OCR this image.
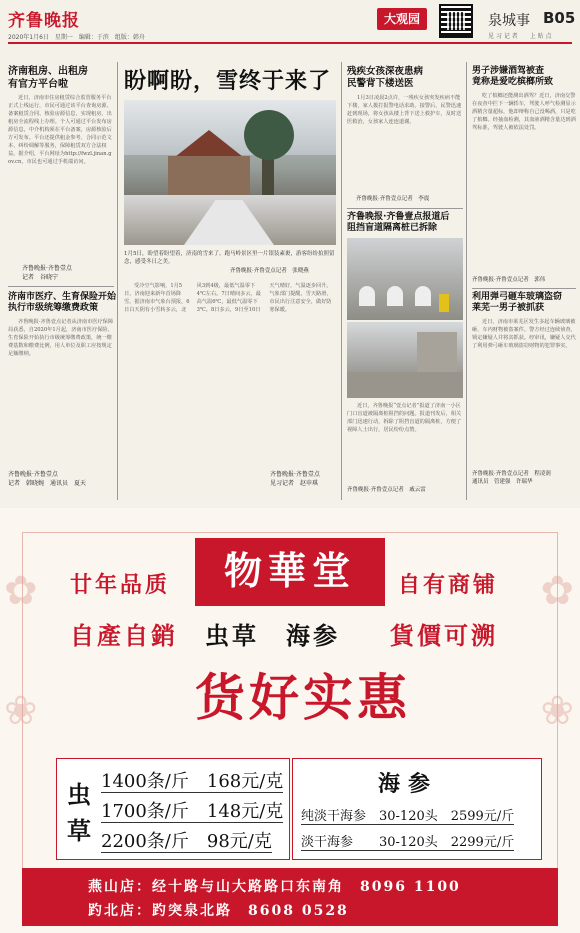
齐鲁晚报
2020年1月6日　星期一　编辑：于滨　组版：韩舟
大观园	泉城事 B05
见 习 记 者　　上 贴 点
济南租房、出租房
有官方平台啦
近日，济南市住房租赁综合监管服务平台正式上线运行，市民可通过该平台查询房源、备案租赁合同、核验房源信息，实现租房、出租房全流程线上办理。个人可通过平台发布房源信息，中介机构须在平台备案，房源核验后方可发布。平台还提供租金参考、合同示范文本、纠纷调解等服务，保障租赁双方合法权益。据介绍，平台网址为http://fwzl.jinan.gov.cn，市民也可通过手机端访问。
齐鲁晚报·齐鲁壹点
记者　谷晓宁
济南市医疗、生育保险开始
执行市级统筹缴费政策
齐鲁晚报·齐鲁壹点记者从济南市医疗保障局获悉，自2020年1月起，济南市医疗保险、生育保险开始执行市级统筹缴费政策，统一缴费基数和缴费比例，用人单位及职工应按规定足额缴纳。
齐鲁晚报·齐鲁壹点
记者　韩晓婉　通讯员　夏天
盼啊盼，雪终于来了
1月5日，盼望着盼望着，济南的雪来了。跑马岭景区里一片银装素裹，游客纷纷拍照留念，感受冬日之美。
齐鲁晚报·齐鲁壹点记者　张晓燕
受冷空气影响，1月5日，济南迎来新年首场降雪。据济南市气象台预报，6日白天阴有小雪转多云，北风3到4级，最低气温零下4℃左右。7日晴间多云，最高气温6℃，最低气温零下3℃。8日多云，9日至10日天气晴好，气温逐步回升。气象部门提醒，雪天路滑，市民出行注意安全，做好防寒保暖。
齐鲁晚报·齐鲁壹点
见习记者　赵申琪
残疾女孩深夜患病
民警背下楼送医
1月3日凌晨2点许，一残疾女孩突发疾病不能下楼，家人拨打报警电话求助。接警后，民警迅速赶到现场，将女孩从楼上背下送上救护车，及时送医救治，女孩家人连连道谢。
齐鲁晚报·齐鲁壹点记者　李震
齐鲁晚报·齐鲁壹点报道后
阻挡盲道隔离桩已拆除
近日，齐鲁晚报“壹点记者”报道了济南一小区门口盲道被隔离桩阻挡的问题。报道刊发后，相关部门迅速行动，拆除了阻挡盲道的隔离桩，方便了视障人士出行，居民纷纷点赞。
齐鲁晚报·齐鲁壹点记者　戚云雷
男子涉嫌酒驾被查
竟称是爱吃槟榔所致
吃了槟榔还能测出酒驾？近日，济南交警在夜查中拦下一辆轿车，驾驶人呼气检测显示酒精含量超标，他却辩称自己没喝酒，只是吃了槟榔。经抽血检测，其血液酒精含量达到酒驾标准，驾驶人被依法处罚。
齐鲁晚报·齐鲁壹点记者　郭伟
利用弹弓砸车玻璃盗窃
莱芜一男子被抓获
近日，济南市莱芜区发生多起车辆玻璃被砸、车内财物被盗案件。警方经过连续侦查，锁定嫌疑人并将其抓获。经审讯，嫌疑人交代了利用弹弓砸车玻璃盗窃财物的犯罪事实。
齐鲁晚报·齐鲁壹点记者　程凌润
通讯员　管建强　许瑞华
✿
❀
✿
❀
廿年品质	物華堂	自有商铺
自產自銷 虫草　海参 貨價可溯
货好实惠
虫
草
1400条/斤　168元/克
1700条/斤　148元/克
2200条/斤　98元/克
海参
纯淡干海参　30-120头　2599元/斤
淡干海参　　30-120头　2299元/斤
燕山店：经十路与山大路路口东南角　8096 1100
趵北店：趵突泉北路　8608 0528
